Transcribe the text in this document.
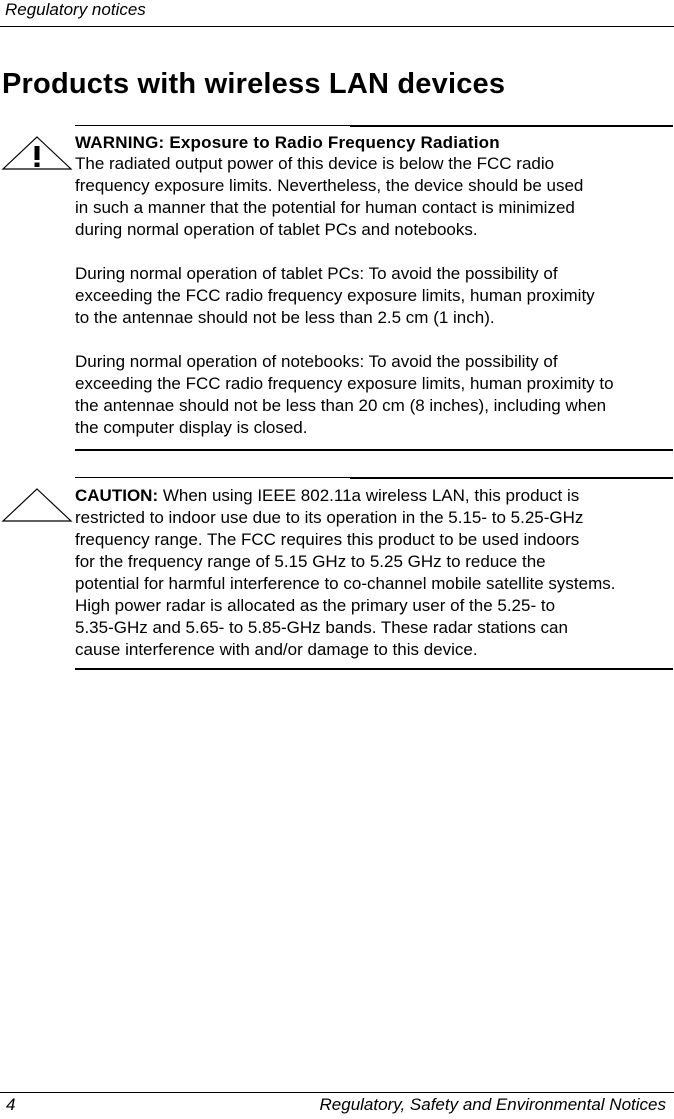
Regulatory notices
Products with wireless LAN devices
WARNING: Exposure to Radio Frequency Radiation

The radiated output power of this device is below the FCC radio
frequency exposure limits. Nevertheless, the device should be used
in such a manner that the potential for human contact is minimized
during normal operation of tablet PCs and notebooks.

During normal operation of tablet PCs: To avoid the possibility of
exceeding the FCC radio frequency exposure limits, human proximity
to the antennae should not be less than 2.5 cm (1 inch).

During normal operation of notebooks: To avoid the possibility of
exceeding the FCC radio frequency exposure limits, human proximity to
the antennae should not be less than 20 cm (8 inches), including when
the computer display is closed.

CAUTION: When using IEEE 802.11a wireless LAN, this product is
restricted to indoor use due to its operation in the 5.15- to 5.25-GHz
frequency range. The FCC requires this product to be used indoors
for the frequency range of 5.15 GHz to 5.25 GHz to reduce the
potential for harmful interference to co-channel mobile satellite systems.
High power radar is allocated as the primary user of the 5.25- to
5.35-GHz and 5.65- to 5.85-GHz bands. These radar stations can
cause interference with and/or damage to this device.

4	Regulatory, Safety and Environmental Notices
